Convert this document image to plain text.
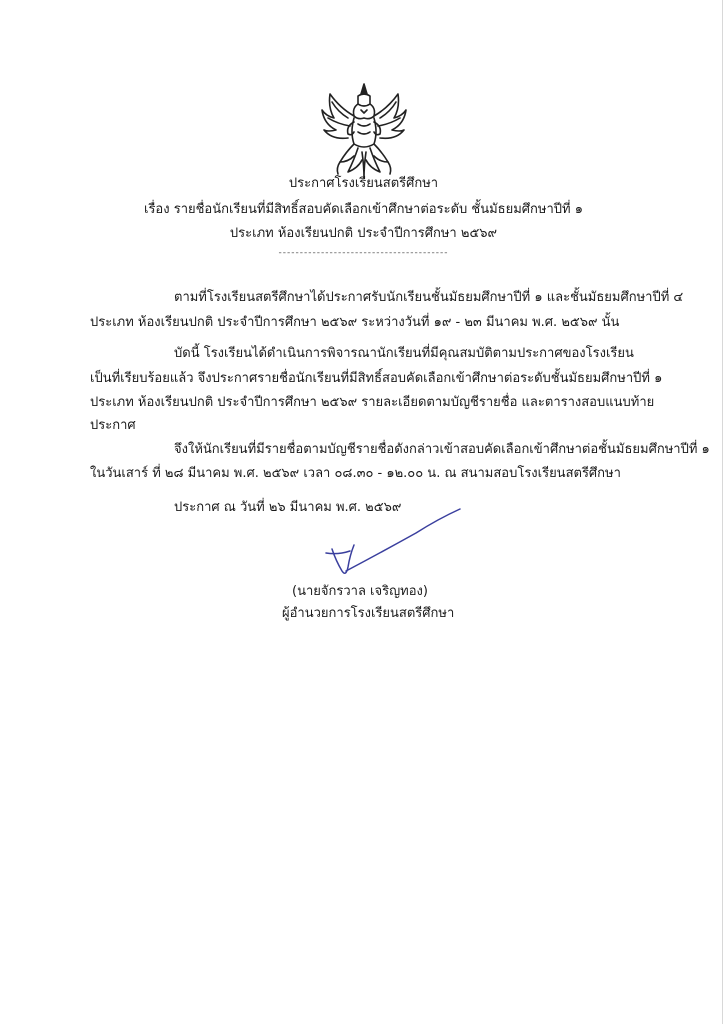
ประกาศโรงเรียนสตรีศึกษา
เรื่อง รายชื่อนักเรียนที่มีสิทธิ์สอบคัดเลือกเข้าศึกษาต่อระดับ ชั้นมัธยมศึกษาปีที่ ๑
ประเภท ห้องเรียนปกติ ประจำปีการศึกษา ๒๕๖๙
----------------------------------------
ตามที่โรงเรียนสตรีศึกษาได้ประกาศรับนักเรียนชั้นมัธยมศึกษาปีที่ ๑ และชั้นมัธยมศึกษาปีที่ ๔
ประเภท ห้องเรียนปกติ ประจำปีการศึกษา ๒๕๖๙ ระหว่างวันที่ ๑๙ - ๒๓ มีนาคม พ.ศ. ๒๕๖๙ นั้น
บัดนี้ โรงเรียนได้ดำเนินการพิจารณานักเรียนที่มีคุณสมบัติตามประกาศของโรงเรียน
เป็นที่เรียบร้อยแล้ว จึงประกาศรายชื่อนักเรียนที่มีสิทธิ์สอบคัดเลือกเข้าศึกษาต่อระดับชั้นมัธยมศึกษาปีที่ ๑
ประเภท ห้องเรียนปกติ ประจำปีการศึกษา ๒๕๖๙ รายละเอียดตามบัญชีรายชื่อ และตารางสอบแนบท้าย
ประกาศ
จึงให้นักเรียนที่มีรายชื่อตามบัญชีรายชื่อดังกล่าวเข้าสอบคัดเลือกเข้าศึกษาต่อชั้นมัธยมศึกษาปีที่ ๑
ในวันเสาร์ ที่ ๒๘ มีนาคม พ.ศ. ๒๕๖๙ เวลา ๐๘.๓๐ - ๑๒.๐๐ น. ณ สนามสอบโรงเรียนสตรีศึกษา
ประกาศ ณ วันที่ ๒๖ มีนาคม พ.ศ. ๒๕๖๙
(นายจักรวาล เจริญทอง)
ผู้อำนวยการโรงเรียนสตรีศึกษา
